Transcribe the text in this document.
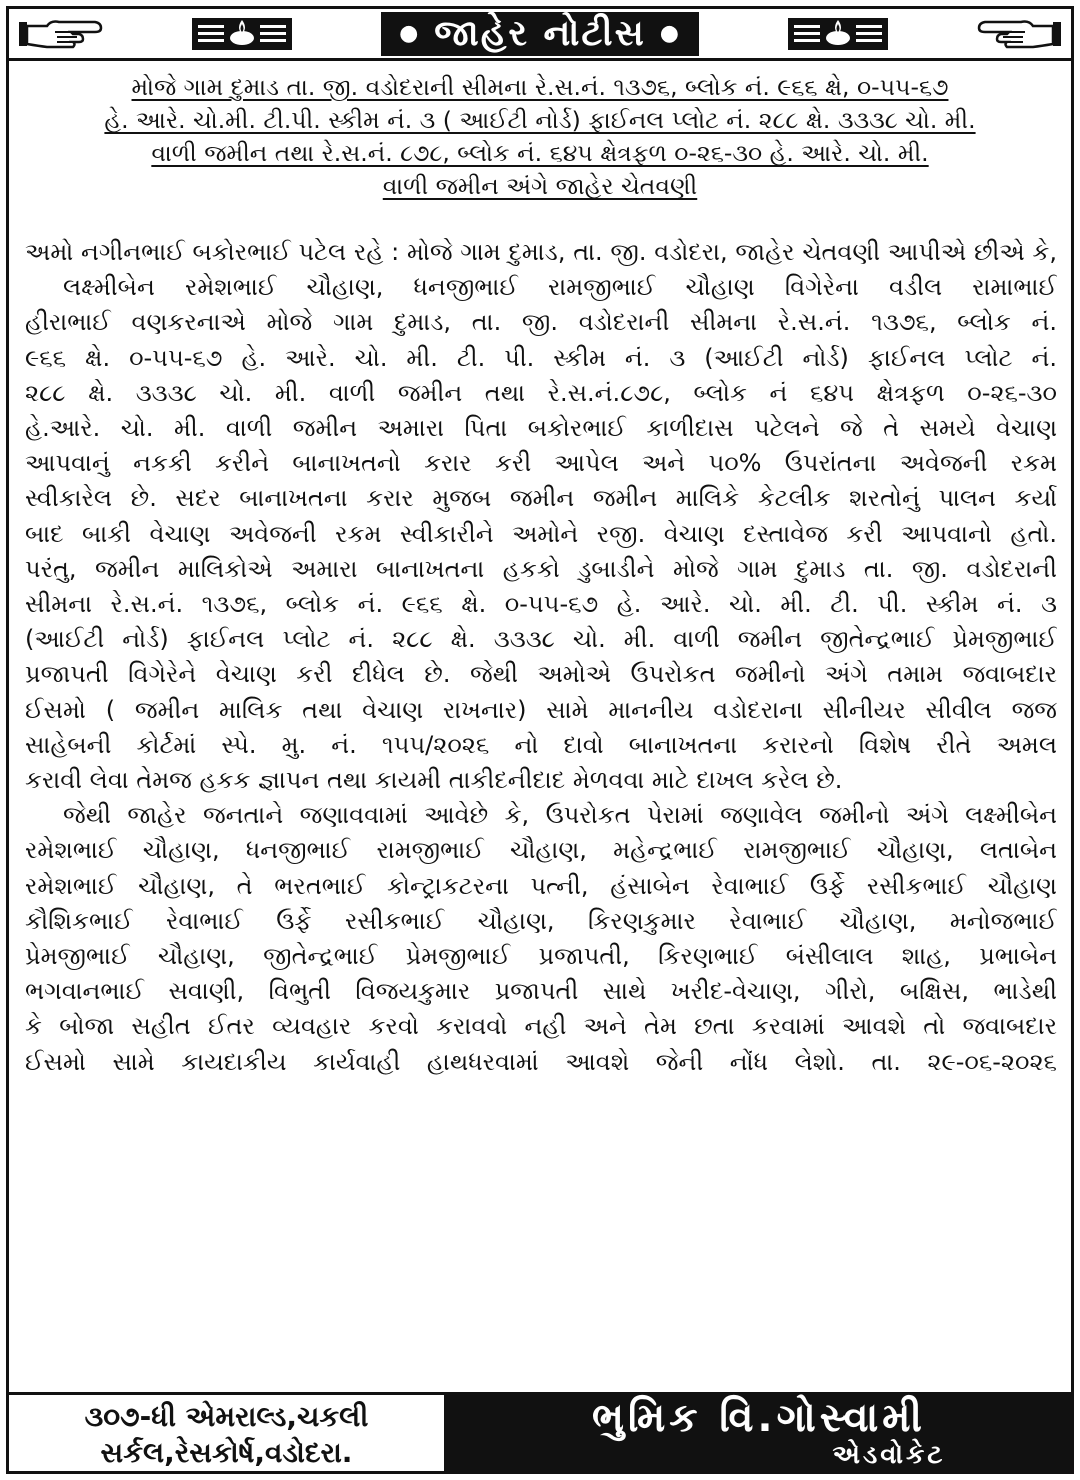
● જાહેર નોટીસ ●
મોજે ગામ દુમાડ તા. જી. વડોદરાની સીમના રે.સ.નં. ૧૩૭૬, બ્લોક નં. ૯૬૬ ક્ષે, ૦-૫૫-૬૭
હે. આરે. ચો.મી. ટી.પી. સ્કીમ નં. ૩ ( આઈટી નોર્ડ) ફાઈનલ પ્લોટ નં. ૨૮૮ ક્ષે. ૩૩૩૮ ચો. મી.
વાળી જમીન તથા રે.સ.નં. ૮૭૮, બ્લોક નં. ૬૪૫ ક્ષેત્રફળ ૦-૨૬-૩૦ હે. આરે. ચો. મી.
વાળી જમીન અંગે જાહેર ચેતવણી
અમો નગીનભાઈ બકોરભાઈ પટેલ રહે : મોજે ગામ દુમાડ, તા. જી. વડોદરા, જાહેર ચેતવણી આપીએ છીએ કે,
લક્ષ્મીબેન રમેશભાઈ ચૌહાણ, ધનજીભાઈ રામજીભાઈ ચૌહાણ વિગેરેના વડીલ રામાભાઈ
હીરાભાઈ વણકરનાએ મોજે ગામ દુમાડ, તા. જી. વડોદરાની સીમના રે.સ.નં. ૧૩૭૬, બ્લોક નં.
૯૬૬ ક્ષે. ૦-૫૫-૬૭ હે. આરે. ચો. મી. ટી. પી. સ્કીમ નં. ૩ (આઈટી નોર્ડ) ફાઈનલ પ્લોટ નં.
૨૮૮ ક્ષે. ૩૩૩૮ ચો. મી. વાળી જમીન તથા રે.સ.નં.૮૭૮, બ્લોક નં ૬૪૫ ક્ષેત્રફળ ૦-૨૬-૩૦
હે.આરે. ચો. મી. વાળી જમીન અમારા પિતા બકોરભાઈ કાળીદાસ પટેલને જે તે સમયે વેચાણ
આપવાનું નકકી કરીને બાનાખતનો કરાર કરી આપેલ અને ૫૦% ઉપરાંતના અવેજની રકમ
સ્વીકારેલ છે. સદર બાનાખતના કરાર મુજબ જમીન જમીન માલિકે કેટલીક શરતોનું પાલન કર્યા
બાદ બાકી વેચાણ અવેજની રકમ સ્વીકારીને અમોને રજી. વેચાણ દસ્તાવેજ કરી આપવાનો હતો.
પરંતુ, જમીન માલિકોએ અમારા બાનાખતના હકકો ડુબાડીને મોજે ગામ દુમાડ તા. જી. વડોદરાની
સીમના રે.સ.નં. ૧૩૭૬, બ્લોક નં. ૯૬૬ ક્ષે. ૦-૫૫-૬૭ હે. આરે. ચો. મી. ટી. પી. સ્કીમ નં. ૩
(આઈટી નોર્ડ) ફાઈનલ પ્લોટ નં. ૨૮૮ ક્ષે. ૩૩૩૮ ચો. મી. વાળી જમીન જીતેન્દ્રભાઈ પ્રેમજીભાઈ
પ્રજાપતી વિગેરેને વેચાણ કરી દીધેલ છે. જેથી અમોએ ઉપરોકત જમીનો અંગે તમામ જવાબદાર
ઈસમો ( જમીન માલિક તથા વેચાણ રાખનાર) સામે માનનીય વડોદરાના સીનીયર સીવીલ જજ
સાહેબની કોર્ટમાં સ્પે. મુ. નં. ૧૫૫/૨૦૨૬ નો દાવો બાનાખતના કરારનો વિશેષ રીતે અમલ
કરાવી લેવા તેમજ હકક જ્ઞાપન તથા કાયમી તાકીદનીદાદ મેળવવા માટે દાખલ કરેલ છે.
જેથી જાહેર જનતાને જણાવવામાં આવેછે કે, ઉપરોકત પેરામાં જણાવેલ જમીનો અંગે લક્ષ્મીબેન
રમેશભાઈ ચૌહાણ, ધનજીભાઈ રામજીભાઈ ચૌહાણ, મહેન્દ્રભાઈ રામજીભાઈ ચૌહાણ, લતાબેન
રમેશભાઈ ચૌહાણ, તે ભરતભાઈ કોન્ટ્રાકટરના પત્ની, હંસાબેન રેવાભાઈ ઉર્ફે રસીકભાઈ ચૌહાણ
કૌશિકભાઈ રેવાભાઈ ઉર્ફે રસીકભાઈ ચૌહાણ, કિરણકુમાર રેવાભાઈ ચૌહાણ, મનોજભાઈ
પ્રેમજીભાઈ ચૌહાણ, જીતેન્દ્રભાઈ પ્રેમજીભાઈ પ્રજાપતી, કિરણભાઈ બંસીલાલ શાહ, પ્રભાબેન
ભગવાનભાઈ સવાણી, વિભુતી વિજયકુમાર પ્રજાપતી સાથે ખરીદ-વેચાણ, ગીરો, બક્ષિસ, ભાડેથી
કે બોજા સહીત ઈતર વ્યવહાર કરવો કરાવવો નહી અને તેમ છતા કરવામાં આવશે તો જવાબદાર
ઈસમો સામે કાયદાકીય કાર્યવાહી હાથધરવામાં આવશે જેની નોંધ લેશો. તા. ૨૯-૦૬-૨૦૨૬
૩૦૭-ધી એમરાલ્ડ,ચકલી
સર્કલ,રેસકોર્ષ,વડોદરા.
ભુમિક વિ.ગોસ્વામી
એડવોકેટ
